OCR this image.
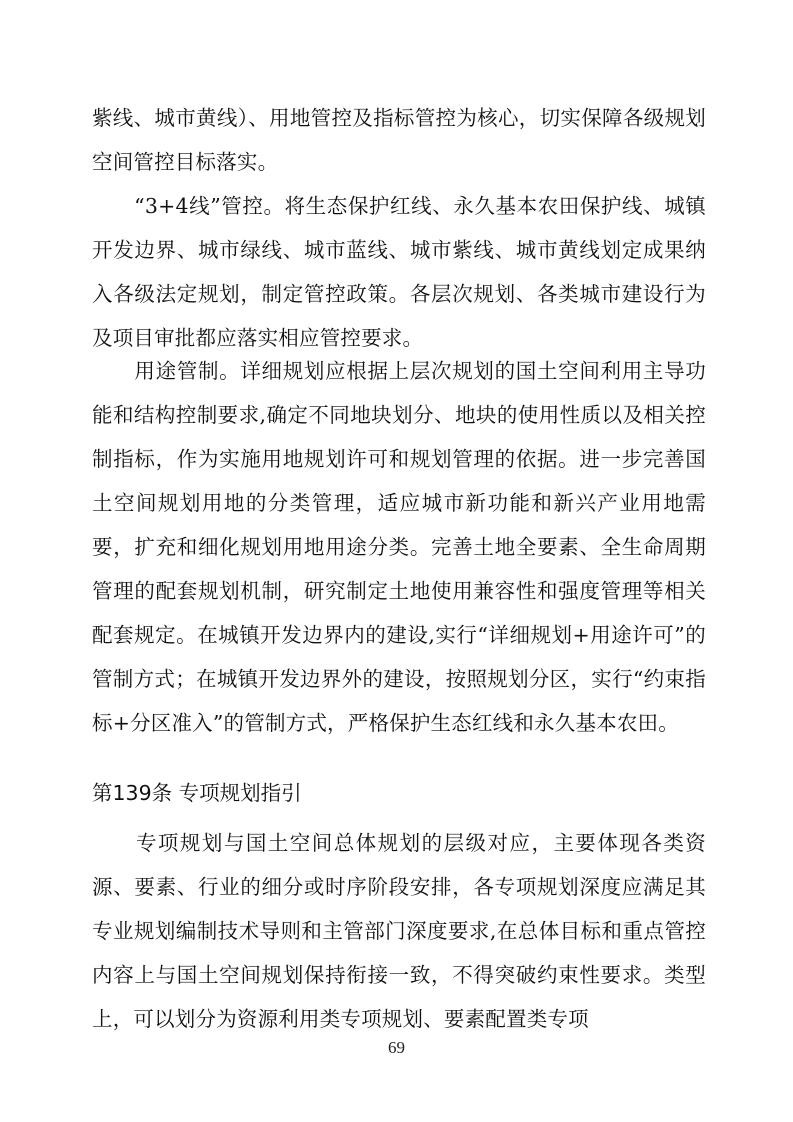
紫线、城市黄线）、用地管控及指标管控为核心，切实保障各级规划空间管控目标落实。

　　“3+4线”管控。将生态保护红线、永久基本农田保护线、城镇开发边界、城市绿线、城市蓝线、城市紫线、城市黄线划定成果纳入各级法定规划，制定管控政策。各层次规划、各类城市建设行为及项目审批都应落实相应管控要求。

　　用途管制。详细规划应根据上层次规划的国土空间利用主导功能和结构控制要求,确定不同地块划分、地块的使用性质以及相关控制指标，作为实施用地规划许可和规划管理的依据。进一步完善国土空间规划用地的分类管理，适应城市新功能和新兴产业用地需要，扩充和细化规划用地用途分类。完善土地全要素、全生命周期管理的配套规划机制，研究制定土地使用兼容性和强度管理等相关配套规定。在城镇开发边界内的建设,实行“详细规划+用途许可”的管制方式；在城镇开发边界外的建设，按照规划分区，实行“约束指标+分区准入”的管制方式，严格保护生态红线和永久基本农田。

第139条 专项规划指引

　　专项规划与国土空间总体规划的层级对应，主要体现各类资源、要素、行业的细分或时序阶段安排，各专项规划深度应满足其专业规划编制技术导则和主管部门深度要求,在总体目标和重点管控内容上与国土空间规划保持衔接一致，不得突破约束性要求。类型上，可以划分为资源利用类专项规划、要素配置类专项

69
